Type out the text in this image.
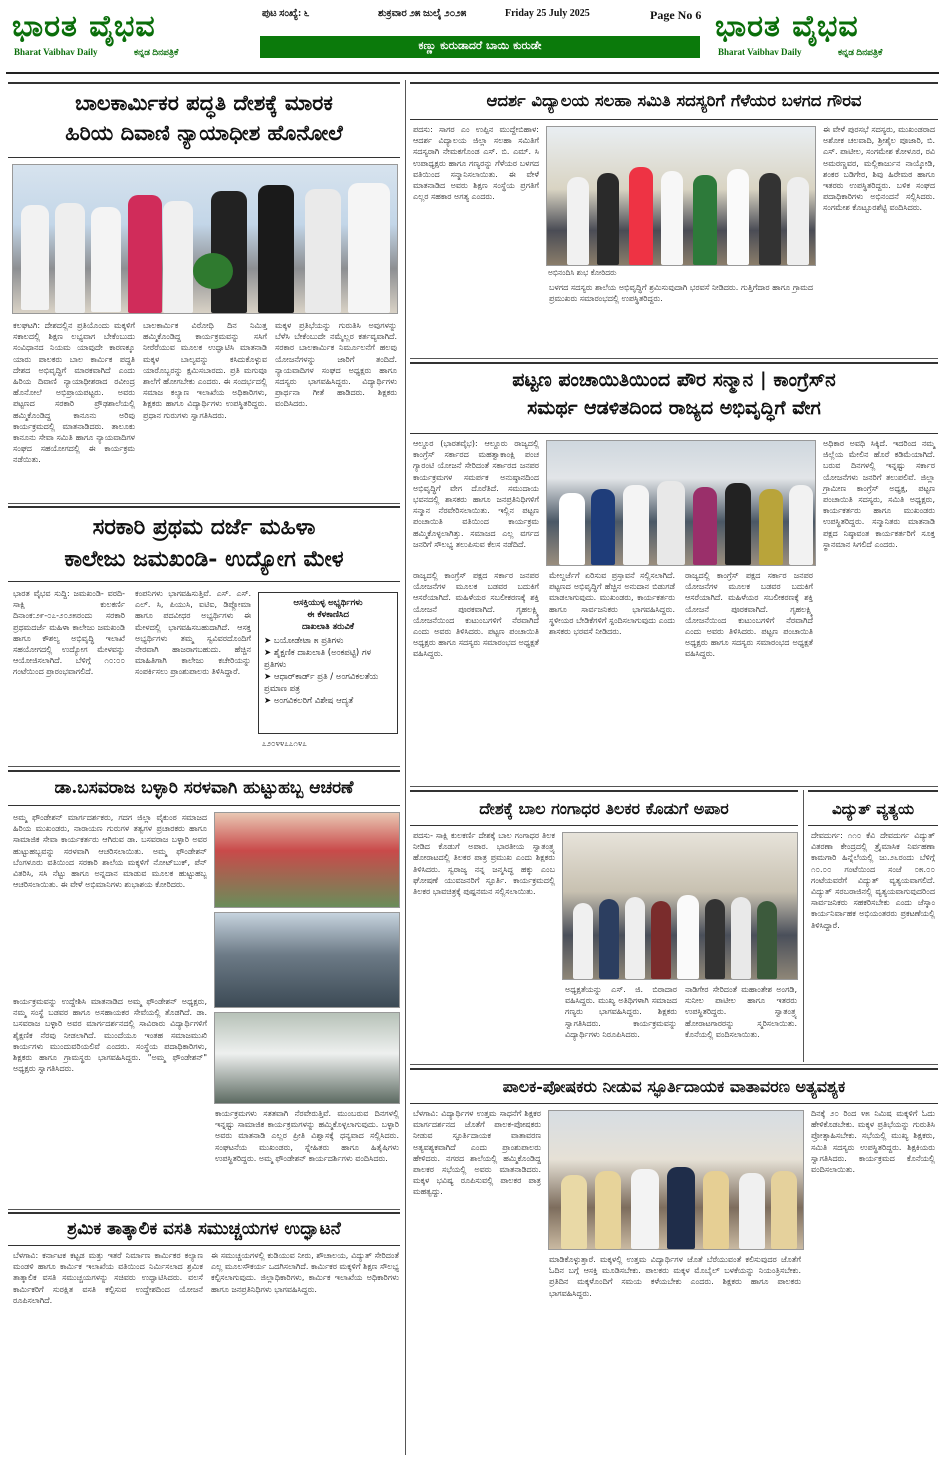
ಭಾರತ ವೈಭವ
Bharat Vaibhav Daily	ಕನ್ನಡ ದಿನಪತ್ರಿಕೆ
ಪುಟ ಸಂಖ್ಯೆ: ೬	ಶುಕ್ರವಾರ ೨೫ ಜುಲೈ ೨೦೨೫	Friday 25 July 2025	Page No 6
ಕಣ್ಣು ಕುರುಡಾದರೆ ಬಾಯಿ ಕುರುಡೇ
ಭಾರತ ವೈಭವ
Bharat Vaibhav Daily	ಕನ್ನಡ ದಿನಪತ್ರಿಕೆ
ಬಾಲಕಾರ್ಮಿಕರ ಪದ್ಧತಿ ದೇಶಕ್ಕೆ ಮಾರಕ
ಹಿರಿಯ ದಿವಾಣಿ ನ್ಯಾಯಾಧೀಶ ಹೊನೋಲೆ
ಕಲಘಟಗಿ: ದೇಶದಲ್ಲಿನ ಪ್ರತಿಯೊಂದು ಮಕ್ಕಳಿಗೆ ಸಕಾಲದಲ್ಲಿ ಶಿಕ್ಷಣ ಲಭ್ಯವಾಗ ಬೇಕೆಂಬುದು ಸಂವಿಧಾನದ ನಿಯಮ ಯಾವುದೇ ಕಾರಣಕ್ಕೂ ಯಾರು ಪಾಲಕರು ಬಾಲ ಕಾರ್ಮಿಕ ಪದ್ಧತಿ ದೇಶದ ಅಭಿವೃದ್ಧಿಗೆ ಮಾರಕವಾಗಿದೆ ಎಂದು ಹಿರಿಯ ದಿವಾಣಿ ನ್ಯಾಯಾಧೀಶರಾದ ರವೀಂದ್ರ ಹೊನೋಲೆ ಅಭಿಪ್ರಾಯಪಟ್ಟರು. ಅವರು ಪಟ್ಟಣದ ಸರಕಾರಿ ಪ್ರೌಢಶಾಲೆಯಲ್ಲಿ ಹಮ್ಮಿಕೊಂಡಿದ್ದ ಕಾನೂನು ಅರಿವು ಕಾರ್ಯಕ್ರಮದಲ್ಲಿ ಮಾತನಾಡಿದರು. ತಾಲೂಕು ಕಾನೂನು ಸೇವಾ ಸಮಿತಿ ಹಾಗೂ ನ್ಯಾಯವಾದಿಗಳ ಸಂಘದ ಸಹಯೋಗದಲ್ಲಿ ಈ ಕಾರ್ಯಕ್ರಮ ನಡೆಯಿತು.
ಬಾಲಕಾರ್ಮಿಕ ವಿರೋಧಿ ದಿನ ನಿಮಿತ್ತ ಹಮ್ಮಿಕೊಂಡಿದ್ದ ಕಾರ್ಯಕ್ರಮವನ್ನು ಸಸಿಗೆ ನೀರೆರೆಯುವ ಮೂಲಕ ಉದ್ಘಾಟಿಸಿ ಮಾತನಾಡಿ ಮಕ್ಕಳ ಬಾಲ್ಯವನ್ನು ಕಸಿದುಕೊಳ್ಳುವ ಯಾರೊಬ್ಬರನ್ನು ಕ್ಷಮಿಸಬಾರದು. ಪ್ರತಿ ಮಗುವೂ ಶಾಲೆಗೆ ಹೋಗಬೇಕು ಎಂದರು. ಈ ಸಂದರ್ಭದಲ್ಲಿ ಸಮಾಜ ಕಲ್ಯಾಣ ಇಲಾಖೆಯ ಅಧಿಕಾರಿಗಳು, ಶಿಕ್ಷಕರು ಹಾಗೂ ವಿದ್ಯಾರ್ಥಿಗಳು ಉಪಸ್ಥಿತರಿದ್ದರು. ಪ್ರಧಾನ ಗುರುಗಳು ಸ್ವಾಗತಿಸಿದರು.
ಮಕ್ಕಳ ಪ್ರತಿಭೆಯನ್ನು ಗುರುತಿಸಿ ಅವುಗಳನ್ನು ಬೆಳೆಸಿ ಬೇಕೆಂಬುದೇ ನಮ್ಮೆಲ್ಲರ ಕರ್ತವ್ಯವಾಗಿದೆ. ಸರಕಾರ ಬಾಲಕಾರ್ಮಿಕ ನಿರ್ಮೂಲನೆಗೆ ಹಲವು ಯೋಜನೆಗಳನ್ನು ಜಾರಿಗೆ ತಂದಿದೆ. ನ್ಯಾಯವಾದಿಗಳ ಸಂಘದ ಅಧ್ಯಕ್ಷರು ಹಾಗೂ ಸದಸ್ಯರು ಭಾಗವಹಿಸಿದ್ದರು. ವಿದ್ಯಾರ್ಥಿಗಳು ಪ್ರಾರ್ಥನಾ ಗೀತೆ ಹಾಡಿದರು. ಶಿಕ್ಷಕರು ವಂದಿಸಿದರು.
ಸರಕಾರಿ ಪ್ರಥಮ ದರ್ಜೆ ಮಹಿಳಾ
ಕಾಲೇಜು ಜಮಖಂಡಿ- ಉದ್ಯೋಗ ಮೇಳ
ಭಾರತ ವೈಭವ ಸುದ್ದಿ: ಜಮಖಂಡಿ- ವರದಿ- ಸಾಕ್ಷಿ ಕುಲಕರ್ಣಿ ದಿನಾಂಕ:೨೯-೦೭-೨೦೨೫ರಂದು ಸರಕಾರಿ ಪ್ರಥಮದರ್ಜೆ ಮಹಿಳಾ ಕಾಲೇಜು ಜಮಖಂಡಿ ಹಾಗೂ ಕೌಶಲ್ಯ ಅಭಿವೃದ್ಧಿ ಇಲಾಖೆ ಸಹಯೋಗದಲ್ಲಿ ಉದ್ಯೋಗ ಮೇಳವನ್ನು ಆಯೋಜಿಸಲಾಗಿದೆ. ಬೆಳಿಗ್ಗೆ ೧೦:೦೦ ಗಂಟೆಯಿಂದ ಪ್ರಾರಂಭವಾಗಲಿದೆ.
ಕಂಪನಿಗಳು ಭಾಗವಹಿಸುತ್ತಿವೆ. ಎಸ್. ಎಸ್. ಎಲ್. ಸಿ, ಪಿಯುಸಿ, ಐಟಿಐ, ಡಿಪ್ಲೋಮಾ ಹಾಗೂ ಪದವೀಧರ ಅಭ್ಯರ್ಥಿಗಳು ಈ ಮೇಳದಲ್ಲಿ ಭಾಗವಹಿಸಬಹುದಾಗಿದೆ. ಆಸಕ್ತ ಅಭ್ಯರ್ಥಿಗಳು ತಮ್ಮ ಸ್ವವಿವರದೊಂದಿಗೆ ನೇರವಾಗಿ ಹಾಜರಾಗಬಹುದು. ಹೆಚ್ಚಿನ ಮಾಹಿತಿಗಾಗಿ ಕಾಲೇಜು ಕಚೇರಿಯನ್ನು ಸಂಪರ್ಕಿಸಲು ಪ್ರಾಂಶುಪಾಲರು ತಿಳಿಸಿದ್ದಾರೆ.
ಆಸಕ್ತಿಯುಳ್ಳ ಅಭ್ಯರ್ಥಿಗಳು
ಈ ಕೆಳಕಾಣಿಸಿದ
ದಾಖಲಾತಿ ತರುವಿಕೆ
➤ ಬಯೋಡೇಟಾ ೫ ಪ್ರತಿಗಳು
➤ ಶೈಕ್ಷಣಿಕ ದಾಖಲಾತಿ (ಅಂಕಪಟ್ಟಿ) ಗಳ ಪ್ರತಿಗಳು
➤ ಆಧಾರ್‌ಕಾರ್ಡ್ ಪ್ರತಿ / ಅಂಗವಿಕಲತೆಯ ಪ್ರಮಾಣ ಪತ್ರ
➤ ಅಂಗವಿಕಲರಿಗೆ ವಿಶೇಷ ಆದ್ಯತೆ
೭೨೦೪೪೭೭೧೪೭
ಡಾ.ಬಸವರಾಜ ಬಳ್ಳಾರಿ ಸರಳವಾಗಿ ಹುಟ್ಟುಹಬ್ಬ ಆಚರಣೆ
ಅಮ್ಮ ಫೌಂಡೇಶನ್ ಮಾರ್ಗದರ್ಶಕರು, ಗದಗ ಜಿಲ್ಲಾ ವೈಕುಂಠ ಸಮಾಜದ ಹಿರಿಯ ಮುಖಂಡರು, ನಾರಾಯಣ ಗುರುಗಳ ತತ್ವಗಳ ಪ್ರಚಾರಕರು ಹಾಗೂ ಸಾಮಾಜಿಕ ಸೇವಾ ಕಾರ್ಯಕರ್ತರು ಆಗಿರುವ ಡಾ. ಬಸವರಾಜ ಬಳ್ಳಾರಿ ಅವರ ಹುಟ್ಟುಹಬ್ಬವನ್ನು ಸರಳವಾಗಿ ಆಚರಿಸಲಾಯಿತು. ಅಮ್ಮ ಫೌಂಡೇಶನ್ ಬೆಂಗಳೂರು ವತಿಯಿಂದ ಸರಕಾರಿ ಶಾಲೆಯ ಮಕ್ಕಳಿಗೆ ನೋಟ್‌ಬುಕ್, ಪೆನ್ ವಿತರಿಸಿ, ಸಸಿ ನೆಟ್ಟು ಹಾಗೂ ಅನ್ನದಾನ ಮಾಡುವ ಮೂಲಕ ಹುಟ್ಟುಹಬ್ಬ ಆಚರಿಸಲಾಯಿತು. ಈ ವೇಳೆ ಅಭಿಮಾನಿಗಳು ಶುಭಾಶಯ ಕೋರಿದರು.
ಕಾರ್ಯಕ್ರಮವನ್ನು ಉದ್ದೇಶಿಸಿ ಮಾತನಾಡಿದ ಅಮ್ಮ ಫೌಂಡೇಶನ್ ಅಧ್ಯಕ್ಷರು, ನಮ್ಮ ಸಂಸ್ಥೆ ಬಡವರ ಹಾಗೂ ಅಸಹಾಯಕರ ಸೇವೆಯಲ್ಲಿ ತೊಡಗಿದೆ. ಡಾ. ಬಸವರಾಜ ಬಳ್ಳಾರಿ ಅವರ ಮಾರ್ಗದರ್ಶನದಲ್ಲಿ ಸಾವಿರಾರು ವಿದ್ಯಾರ್ಥಿಗಳಿಗೆ ಶೈಕ್ಷಣಿಕ ನೆರವು ನೀಡಲಾಗಿದೆ. ಮುಂದೆಯೂ ಇಂತಹ ಸಮಾಜಮುಖಿ ಕಾರ್ಯಗಳು ಮುಂದುವರಿಯಲಿವೆ ಎಂದರು. ಸಂಸ್ಥೆಯ ಪದಾಧಿಕಾರಿಗಳು, ಶಿಕ್ಷಕರು ಹಾಗೂ ಗ್ರಾಮಸ್ಥರು ಭಾಗವಹಿಸಿದ್ದರು. "ಅಮ್ಮ ಫೌಂಡೇಶನ್" ಅಧ್ಯಕ್ಷರು ಸ್ವಾಗತಿಸಿದರು.
ಕಾರ್ಯಕ್ರಮಗಳು ಸತತವಾಗಿ ನೆರವೇರುತ್ತಿವೆ. ಮುಂಬರುವ ದಿನಗಳಲ್ಲಿ ಇನ್ನಷ್ಟು ಸಾಮಾಜಿಕ ಕಾರ್ಯಕ್ರಮಗಳನ್ನು ಹಮ್ಮಿಕೊಳ್ಳಲಾಗುವುದು. ಬಳ್ಳಾರಿ ಅವರು ಮಾತನಾಡಿ ಎಲ್ಲರ ಪ್ರೀತಿ ವಿಶ್ವಾಸಕ್ಕೆ ಧನ್ಯವಾದ ಸಲ್ಲಿಸಿದರು. ಸಂಘಟನೆಯ ಮುಖಂಡರು, ಸ್ನೇಹಿತರು ಹಾಗೂ ಹಿತೈಷಿಗಳು ಉಪಸ್ಥಿತರಿದ್ದರು. ಅಮ್ಮ ಫೌಂಡೇಶನ್ ಕಾರ್ಯದರ್ಶಿಗಳು ವಂದಿಸಿದರು.
ಶ್ರಮಿಕ ತಾತ್ಕಾಲಿಕ ವಸತಿ ಸಮುಚ್ಚಯಗಳ ಉದ್ಘಾಟನೆ
ಬೆಳಗಾವಿ: ಕರ್ನಾಟಕ ಕಟ್ಟಡ ಮತ್ತು ಇತರೆ ನಿರ್ಮಾಣ ಕಾರ್ಮಿಕರ ಕಲ್ಯಾಣ ಮಂಡಳಿ ಹಾಗೂ ಕಾರ್ಮಿಕ ಇಲಾಖೆಯ ವತಿಯಿಂದ ನಿರ್ಮಿಸಲಾದ ಶ್ರಮಿಕ ತಾತ್ಕಾಲಿಕ ವಸತಿ ಸಮುಚ್ಚಯಗಳನ್ನು ಸಚಿವರು ಉದ್ಘಾಟಿಸಿದರು. ವಲಸೆ ಕಾರ್ಮಿಕರಿಗೆ ಸುರಕ್ಷಿತ ವಸತಿ ಕಲ್ಪಿಸುವ ಉದ್ದೇಶದಿಂದ ಯೋಜನೆ ರೂಪಿಸಲಾಗಿದೆ.
ಈ ಸಮುಚ್ಚಯಗಳಲ್ಲಿ ಕುಡಿಯುವ ನೀರು, ಶೌಚಾಲಯ, ವಿದ್ಯುತ್ ಸೇರಿದಂತೆ ಎಲ್ಲ ಮೂಲಸೌಕರ್ಯ ಒದಗಿಸಲಾಗಿದೆ. ಕಾರ್ಮಿಕರ ಮಕ್ಕಳಿಗೆ ಶಿಕ್ಷಣ ಸೌಲಭ್ಯ ಕಲ್ಪಿಸಲಾಗುವುದು. ಜಿಲ್ಲಾಧಿಕಾರಿಗಳು, ಕಾರ್ಮಿಕ ಇಲಾಖೆಯ ಅಧಿಕಾರಿಗಳು ಹಾಗೂ ಜನಪ್ರತಿನಿಧಿಗಳು ಭಾಗವಹಿಸಿದ್ದರು.
ಆದರ್ಶ ವಿದ್ಯಾಲಯ ಸಲಹಾ ಸಮಿತಿ ಸದಸ್ಯರಿಗೆ ಗೆಳೆಯರ ಬಳಗದ ಗೌರವ
ಪದಸು: ಸಾಗರ ಎಂ ಉಪ್ಪಿನ ಮುದ್ದೇಬಿಹಾಳ: ಆದರ್ಶ ವಿದ್ಯಾಲಯ ಜಿಲ್ಲಾ ಸಲಹಾ ಸಮಿತಿಗೆ ಸದಸ್ಯರಾಗಿ ನೇಮಕಗೊಂಡ ಎಸ್. ಬಿ. ಎಮ್. ಸಿ ಉಪಾಧ್ಯಕ್ಷರು ಹಾಗೂ ಗಣ್ಯರನ್ನು ಗೆಳೆಯರ ಬಳಗದ ವತಿಯಿಂದ ಸನ್ಮಾನಿಸಲಾಯಿತು. ಈ ವೇಳೆ ಮಾತನಾಡಿದ ಅವರು ಶಿಕ್ಷಣ ಸಂಸ್ಥೆಯ ಪ್ರಗತಿಗೆ ಎಲ್ಲರ ಸಹಕಾರ ಅಗತ್ಯ ಎಂದರು.
ಅಭಿನಂದಿಸಿ ಶುಭ ಕೋರಿದರು
ಬಳಗದ ಸದಸ್ಯರು ಶಾಲೆಯ ಅಭಿವೃದ್ಧಿಗೆ ಶ್ರಮಿಸುವುದಾಗಿ ಭರವಸೆ ನೀಡಿದರು. ಗುತ್ತಿಗೆದಾರ ಹಾಗೂ ಗ್ರಾಮದ ಪ್ರಮುಖರು ಸಮಾರಂಭದಲ್ಲಿ ಉಪಸ್ಥಿತರಿದ್ದರು.
ಈ ವೇಳೆ ಪುರಸಭೆ ಸದಸ್ಯರು, ಮುಖಂಡರಾದ ಅಶೋಕ ಚಲವಾದಿ, ಶ್ರೀಶೈಲ ಪೂಜಾರಿ, ಬಿ. ಎಸ್. ಪಾಟೀಲ, ಸಂಗಮೇಶ ಕೋಳೂರ, ರವಿ ಅಮರಣ್ಣವರ, ಮಲ್ಲಿಕಾರ್ಜುನ ನಾಯ್ಕೋಡಿ, ಶಂಕರ ಬಡಿಗೇರ, ಶಿವು ಹಿರೇಮಠ ಹಾಗೂ ಇತರರು ಉಪಸ್ಥಿತರಿದ್ದರು. ಬಳಿಕ ಸಂಘದ ಪದಾಧಿಕಾರಿಗಳು ಅಭಿನಂದನೆ ಸಲ್ಲಿಸಿದರು. ಸಂಗಮೇಶ ಕೊಟ್ಟೂರಶೆಟ್ಟಿ ವಂದಿಸಿದರು.
ಪಟ್ಟಣ ಪಂಚಾಯಿತಿಯಿಂದ ಪೌರ ಸನ್ಮಾನ | ಕಾಂಗ್ರೆಸ್‌ನ
ಸಮರ್ಥ ಆಡಳಿತದಿಂದ ರಾಜ್ಯದ ಅಭಿವೃದ್ಧಿಗೆ ವೇಗ
ಆಲ್ದೂರ (ಭಾರತವೈಭ): ಆಲ್ದೂರು ರಾಜ್ಯದಲ್ಲಿ ಕಾಂಗ್ರೆಸ್ ಸರ್ಕಾರದ ಮಹತ್ವಾಕಾಂಕ್ಷಿ ಪಂಚ ಗ್ಯಾರಂಟಿ ಯೋಜನೆ ಸೇರಿದಂತೆ ಸರ್ಕಾರದ ಜನಪರ ಕಾರ್ಯಕ್ರಮಗಳ ಸಮರ್ಪಕ ಅನುಷ್ಠಾನದಿಂದ ಅಭಿವೃದ್ಧಿಗೆ ವೇಗ ದೊರೆತಿದೆ. ಸಮುದಾಯ ಭವನದಲ್ಲಿ ಶಾಸಕರು ಹಾಗೂ ಜನಪ್ರತಿನಿಧಿಗಳಿಗೆ ಸನ್ಮಾನ ನೆರವೇರಿಸಲಾಯಿತು. ಇಲ್ಲಿನ ಪಟ್ಟಣ ಪಂಚಾಯಿತಿ ವತಿಯಿಂದ ಕಾರ್ಯಕ್ರಮ ಹಮ್ಮಿಕೊಳ್ಳಲಾಗಿತ್ತು. ಸಮಾಜದ ಎಲ್ಲ ವರ್ಗದ ಜನರಿಗೆ ಸೌಲಭ್ಯ ತಲುಪಿಸುವ ಕೆಲಸ ನಡೆದಿದೆ.
ರಾಜ್ಯದಲ್ಲಿ ಕಾಂಗ್ರೆಸ್ ಪಕ್ಷದ ಸರ್ಕಾರ ಜನಪರ ಯೋಜನೆಗಳ ಮೂಲಕ ಬಡವರ ಬದುಕಿಗೆ ಆಸರೆಯಾಗಿದೆ. ಮಹಿಳೆಯರ ಸಬಲೀಕರಣಕ್ಕೆ ಶಕ್ತಿ ಯೋಜನೆ ಪೂರಕವಾಗಿದೆ. ಗೃಹಲಕ್ಷ್ಮಿ ಯೋಜನೆಯಿಂದ ಕುಟುಂಬಗಳಿಗೆ ನೆರವಾಗಿದೆ ಎಂದು ಅವರು ತಿಳಿಸಿದರು. ಪಟ್ಟಣ ಪಂಚಾಯಿತಿ ಅಧ್ಯಕ್ಷರು ಹಾಗೂ ಸದಸ್ಯರು ಸಮಾರಂಭದ ಅಧ್ಯಕ್ಷತೆ ವಹಿಸಿದ್ದರು.
ಮೇಲ್ದರ್ಜೆಗೆ ಏರಿಸುವ ಪ್ರಸ್ತಾವನೆ ಸಲ್ಲಿಸಲಾಗಿದೆ. ಪಟ್ಟಣದ ಅಭಿವೃದ್ಧಿಗೆ ಹೆಚ್ಚಿನ ಅನುದಾನ ಬಿಡುಗಡೆ ಮಾಡಲಾಗುವುದು. ಮುಖಂಡರು, ಕಾರ್ಯಕರ್ತರು ಹಾಗೂ ಸಾರ್ವಜನಿಕರು ಭಾಗವಹಿಸಿದ್ದರು. ಸ್ಥಳೀಯರ ಬೇಡಿಕೆಗಳಿಗೆ ಸ್ಪಂದಿಸಲಾಗುವುದು ಎಂದು ಶಾಸಕರು ಭರವಸೆ ನೀಡಿದರು.
ರಾಜ್ಯದಲ್ಲಿ ಕಾಂಗ್ರೆಸ್ ಪಕ್ಷದ ಸರ್ಕಾರ ಜನಪರ ಯೋಜನೆಗಳ ಮೂಲಕ ಬಡವರ ಬದುಕಿಗೆ ಆಸರೆಯಾಗಿದೆ. ಮಹಿಳೆಯರ ಸಬಲೀಕರಣಕ್ಕೆ ಶಕ್ತಿ ಯೋಜನೆ ಪೂರಕವಾಗಿದೆ. ಗೃಹಲಕ್ಷ್ಮಿ ಯೋಜನೆಯಿಂದ ಕುಟುಂಬಗಳಿಗೆ ನೆರವಾಗಿದೆ ಎಂದು ಅವರು ತಿಳಿಸಿದರು. ಪಟ್ಟಣ ಪಂಚಾಯಿತಿ ಅಧ್ಯಕ್ಷರು ಹಾಗೂ ಸದಸ್ಯರು ಸಮಾರಂಭದ ಅಧ್ಯಕ್ಷತೆ ವಹಿಸಿದ್ದರು.
ಅಧಿಕಾರ ಅವಧಿ ಸಿಕ್ಕಿದೆ. ಇದರಿಂದ ನಮ್ಮ ಜಿಲ್ಲೆಯ ಮೇಲಿನ ಹೊರೆ ಕಡಿಮೆಯಾಗಿದೆ. ಬರುವ ದಿನಗಳಲ್ಲಿ ಇನ್ನಷ್ಟು ಸರ್ಕಾರ ಯೋಜನೆಗಳು ಜನರಿಗೆ ತಲುಪಲಿವೆ. ಜಿಲ್ಲಾ ಗ್ರಾಮೀಣ ಕಾಂಗ್ರೆಸ್ ಅಧ್ಯಕ್ಷ, ಪಟ್ಟಣ ಪಂಚಾಯಿತಿ ಸದಸ್ಯರು, ಸಮಿತಿ ಅಧ್ಯಕ್ಷರು, ಕಾರ್ಯಕರ್ತರು ಹಾಗೂ ಮುಖಂಡರು ಉಪಸ್ಥಿತರಿದ್ದರು. ಸನ್ಮಾನಿತರು ಮಾತನಾಡಿ ಪಕ್ಷದ ನಿಷ್ಠಾವಂತ ಕಾರ್ಯಕರ್ತರಿಗೆ ಸೂಕ್ತ ಸ್ಥಾನಮಾನ ಸಿಗಲಿದೆ ಎಂದರು.
ದೇಶಕ್ಕೆ ಬಾಲ ಗಂಗಾಧರ ತಿಲಕರ ಕೊಡುಗೆ ಅಪಾರ
ಪದಸು- ಸಾಕ್ಷಿ ಕುಲಕರ್ಣಿ ದೇಶಕ್ಕೆ ಬಾಲ ಗಂಗಾಧರ ತಿಲಕ ನೀಡಿದ ಕೊಡುಗೆ ಅಪಾರ. ಭಾರತೀಯ ಸ್ವಾತಂತ್ರ್ಯ ಹೋರಾಟದಲ್ಲಿ ತಿಲಕರ ಪಾತ್ರ ಪ್ರಮುಖ ಎಂದು ಶಿಕ್ಷಕರು ತಿಳಿಸಿದರು. ಸ್ವರಾಜ್ಯ ನನ್ನ ಜನ್ಮಸಿದ್ಧ ಹಕ್ಕು ಎಂಬ ಘೋಷಣೆ ಯುವಜನರಿಗೆ ಸ್ಫೂರ್ತಿ. ಕಾರ್ಯಕ್ರಮದಲ್ಲಿ ತಿಲಕರ ಭಾವಚಿತ್ರಕ್ಕೆ ಪುಷ್ಪನಮನ ಸಲ್ಲಿಸಲಾಯಿತು.
ಅಧ್ಯಕ್ಷತೆಯನ್ನು ಎಸ್. ಜಿ. ಬಿರಾದಾರ ವಹಿಸಿದ್ದರು. ಮುಖ್ಯ ಅತಿಥಿಗಳಾಗಿ ಸಮಾಜದ ಗಣ್ಯರು ಭಾಗವಹಿಸಿದ್ದರು. ಶಿಕ್ಷಕರು ಸ್ವಾಗತಿಸಿದರು. ಕಾರ್ಯಕ್ರಮವನ್ನು ವಿದ್ಯಾರ್ಥಿಗಳು ನಿರೂಪಿಸಿದರು.
ನಾಡಿಗೇರ ಸೇರಿದಂತೆ ಮಹಾಂತೇಶ ಅಂಗಡಿ, ಸುನೀಲ ಪಾಟೀಲ ಹಾಗೂ ಇತರರು ಉಪಸ್ಥಿತರಿದ್ದರು. ಸ್ವಾತಂತ್ರ್ಯ ಹೋರಾಟಗಾರರನ್ನು ಸ್ಮರಿಸಲಾಯಿತು. ಕೊನೆಯಲ್ಲಿ ವಂದಿಸಲಾಯಿತು.
ವಿದ್ಯುತ್ ವ್ಯತ್ಯಯ
ದೇವದುರ್ಗ: ೧೧೦ ಕೆವಿ ದೇವದುರ್ಗ ವಿದ್ಯುತ್ ವಿತರಣಾ ಕೇಂದ್ರದಲ್ಲಿ ತ್ರೈಮಾಸಿಕ ನಿರ್ವಹಣಾ ಕಾಮಗಾರಿ ಹಿನ್ನೆಲೆಯಲ್ಲಿ ಜು.೨೬ರಂದು ಬೆಳಿಗ್ಗೆ ೧೦.೦೦ ಗಂಟೆಯಿಂದ ಸಂಜೆ ೦೫.೦೦ ಗಂಟೆಯವರೆಗೆ ವಿದ್ಯುತ್ ವ್ಯತ್ಯಯವಾಗಲಿದೆ. ವಿದ್ಯುತ್ ಸರಬರಾಜಿನಲ್ಲಿ ವ್ಯತ್ಯಯವಾಗುವುದರಿಂದ ಸಾರ್ವಜನಿಕರು ಸಹಕರಿಸಬೇಕು ಎಂದು ಜೆಸ್ಕಾಂ ಕಾರ್ಯನಿರ್ವಾಹಕ ಅಭಿಯಂತರರು ಪ್ರಕಟಣೆಯಲ್ಲಿ ತಿಳಿಸಿದ್ದಾರೆ.
ಪಾಲಕ-ಪೋಷಕರು ನೀಡುವ ಸ್ಫೂರ್ತಿದಾಯಕ ವಾತಾವರಣ ಅತ್ಯವಶ್ಯಕ
ಬೆಳಗಾವಿ: ವಿದ್ಯಾರ್ಥಿಗಳ ಉತ್ತಮ ಸಾಧನೆಗೆ ಶಿಕ್ಷಕರ ಮಾರ್ಗದರ್ಶನದ ಜೊತೆಗೆ ಪಾಲಕ-ಪೋಷಕರು ನೀಡುವ ಸ್ಫೂರ್ತಿದಾಯಕ ವಾತಾವರಣ ಅತ್ಯವಶ್ಯಕವಾಗಿದೆ ಎಂದು ಪ್ರಾಂಶುಪಾಲರು ಹೇಳಿದರು. ನಗರದ ಶಾಲೆಯಲ್ಲಿ ಹಮ್ಮಿಕೊಂಡಿದ್ದ ಪಾಲಕರ ಸಭೆಯಲ್ಲಿ ಅವರು ಮಾತನಾಡಿದರು. ಮಕ್ಕಳ ಭವಿಷ್ಯ ರೂಪಿಸುವಲ್ಲಿ ಪಾಲಕರ ಪಾತ್ರ ಮಹತ್ವದ್ದು.
ಮಾಡಿಕೊಳ್ಳುತ್ತಾರೆ. ಮಕ್ಕಳಲ್ಲಿ ಉತ್ತಮ ವಿದ್ಯಾರ್ಥಿಗಳ ಜೊತೆ ಬೆರೆಯುವಂತೆ ಕಲಿಸುವುದರ ಜೊತೆಗೆ ಓದಿನ ಬಗ್ಗೆ ಆಸಕ್ತಿ ಮೂಡಿಸಬೇಕು. ಪಾಲಕರು ಮಕ್ಕಳ ಮೊಬೈಲ್ ಬಳಕೆಯನ್ನು ನಿಯಂತ್ರಿಸಬೇಕು. ಪ್ರತಿದಿನ ಮಕ್ಕಳೊಂದಿಗೆ ಸಮಯ ಕಳೆಯಬೇಕು ಎಂದರು. ಶಿಕ್ಷಕರು ಹಾಗೂ ಪಾಲಕರು ಭಾಗವಹಿಸಿದ್ದರು.
ದಿನಕ್ಕೆ ೨೦ ರಿಂದ ೪೫ ನಿಮಿಷ ಮಕ್ಕಳಿಗೆ ಓದು ಹೇಳಿಕೊಡಬೇಕು. ಮಕ್ಕಳ ಪ್ರತಿಭೆಯನ್ನು ಗುರುತಿಸಿ ಪ್ರೋತ್ಸಾಹಿಸಬೇಕು. ಸಭೆಯಲ್ಲಿ ಮುಖ್ಯ ಶಿಕ್ಷಕರು, ಸಮಿತಿ ಸದಸ್ಯರು ಉಪಸ್ಥಿತರಿದ್ದರು. ಶಿಕ್ಷಕಿಯರು ಸ್ವಾಗತಿಸಿದರು. ಕಾರ್ಯಕ್ರಮದ ಕೊನೆಯಲ್ಲಿ ವಂದಿಸಲಾಯಿತು.
